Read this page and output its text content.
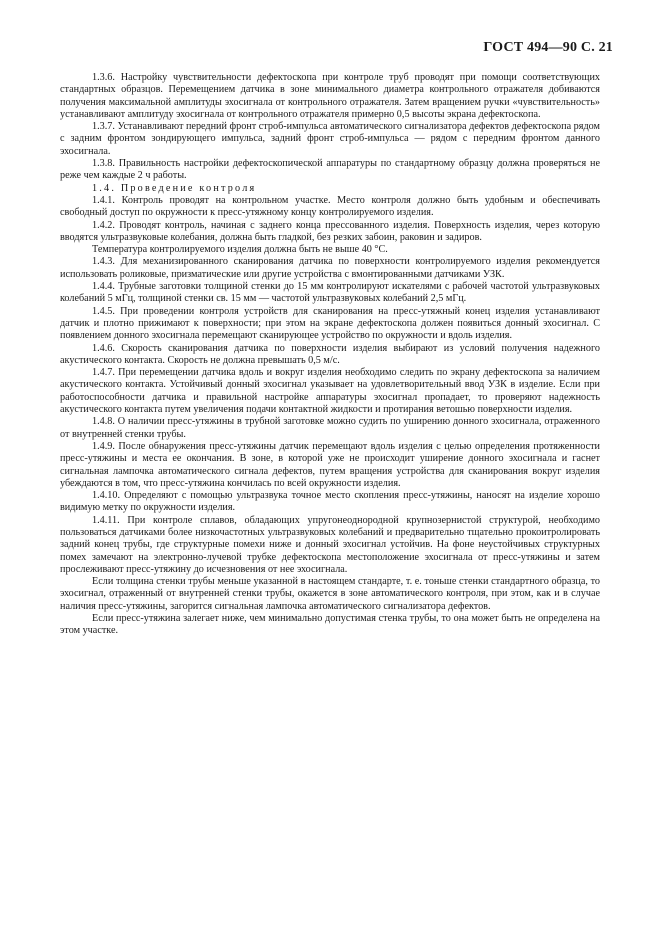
ГОСТ 494—90 С. 21

1.3.6. Настройку чувствительности дефектоскопа при контроле труб проводят при помощи соответствующих стандартных образцов. Перемещением датчика в зоне минимального диаметра контрольного отражателя добиваются получения максимальной амплитуды эхосигнала от контрольного отражателя. Затем вращением ручки «чувствительность» устанавливают амплитуду эхосигнала от контрольного отражателя примерно 0,5 высоты экрана дефектоскопа.

1.3.7. Устанавливают передний фронт строб-импульса автоматического сигнализатора дефектов дефектоскопа рядом с задним фронтом зондирующего импульса, задний фронт строб-импульса — рядом с передним фронтом данного эхосигнала.

1.3.8. Правильность настройки дефектоскопической аппаратуры по стандартному образцу должна проверяться не реже чем каждые 2 ч работы.

1.4. Проведение контроля

1.4.1. Контроль проводят на контрольном участке. Место контроля должно быть удобным и обеспечивать свободный доступ по окружности к пресс-утяжному концу контролируемого изделия.

1.4.2. Проводят контроль, начиная с заднего конца прессованного изделия. Поверхность изделия, через которую вводятся ультразвуковые колебания, должна быть гладкой, без резких забоин, раковин и задиров.

Температура контролируемого изделия должна быть не выше 40 °С.

1.4.3. Для механизированного сканирования датчика по поверхности контролируемого изделия рекомендуется использовать роликовые, призматические или другие устройства с вмонтированными датчиками УЗК.

1.4.4. Трубные заготовки толщиной стенки до 15 мм контролируют искателями с рабочей частотой ультразвуковых колебаний 5 мГц, толщиной стенки св. 15 мм — частотой ультразвуковых колебаний 2,5 мГц.

1.4.5. При проведении контроля устройств для сканирования на пресс-утяжный конец изделия устанавливают датчик и плотно прижимают к поверхности; при этом на экране дефектоскопа должен появиться донный эхосигнал. С появлением донного эхосигнала перемещают сканирующее устройство по окружности и вдоль изделия.

1.4.6. Скорость сканирования датчика по поверхности изделия выбирают из условий получения надежного акустического контакта. Скорость не должна превышать 0,5 м/с.

1.4.7. При перемещении датчика вдоль и вокруг изделия необходимо следить по экрану дефектоскопа за наличием акустического контакта. Устойчивый донный эхосигнал указывает на удовлетворительный ввод УЗК в изделие. Если при работоспособности датчика и правильной настройке аппаратуры эхосигнал пропадает, то проверяют надежность акустического контакта путем увеличения подачи контактной жидкости и протирания ветошью поверхности изделия.

1.4.8. О наличии пресс-утяжины в трубной заготовке можно судить по уширению донного эхосигнала, отраженного от внутренней стенки трубы.

1.4.9. После обнаружения пресс-утяжины датчик перемещают вдоль изделия с целью определения протяженности пресс-утяжины и места ее окончания. В зоне, в которой уже не происходит уширение донного эхосигнала и гаснет сигнальная лампочка автоматического сигнала дефектов, путем вращения устройства для сканирования вокруг изделия убеждаются в том, что пресс-утяжина кончилась по всей окружности изделия.

1.4.10. Определяют с помощью ультразвука точное место скопления пресс-утяжины, наносят на изделие хорошо видимую метку по окружности изделия.

1.4.11. При контроле сплавов, обладающих упругонеоднородной крупнозернистой структурой, необходимо пользоваться датчиками более низкочастотных ультразвуковых колебаний и предварительно тщательно прокоитролировать задний конец трубы, где структурные помехи ниже и донный эхосигнал устойчив. На фоне неустойчивых структурных помех замечают на электронно-лучевой трубке дефектоскопа местоположение эхосигнала от пресс-утяжины и затем прослеживают пресс-утяжину до исчезновения от нее эхосигнала.

Если толщина стенки трубы меньше указанной в настоящем стандарте, т. е. тоньше стенки стандартного образца, то эхосигнал, отраженный от внутренней стенки трубы, окажется в зоне автоматического контроля, при этом, как и в случае наличия пресс-утяжины, загорится сигнальная лампочка автоматического сигнализатора дефектов.

Если пресс-утяжина залегает ниже, чем минимально допустимая стенка трубы, то она может быть не определена на этом участке.
